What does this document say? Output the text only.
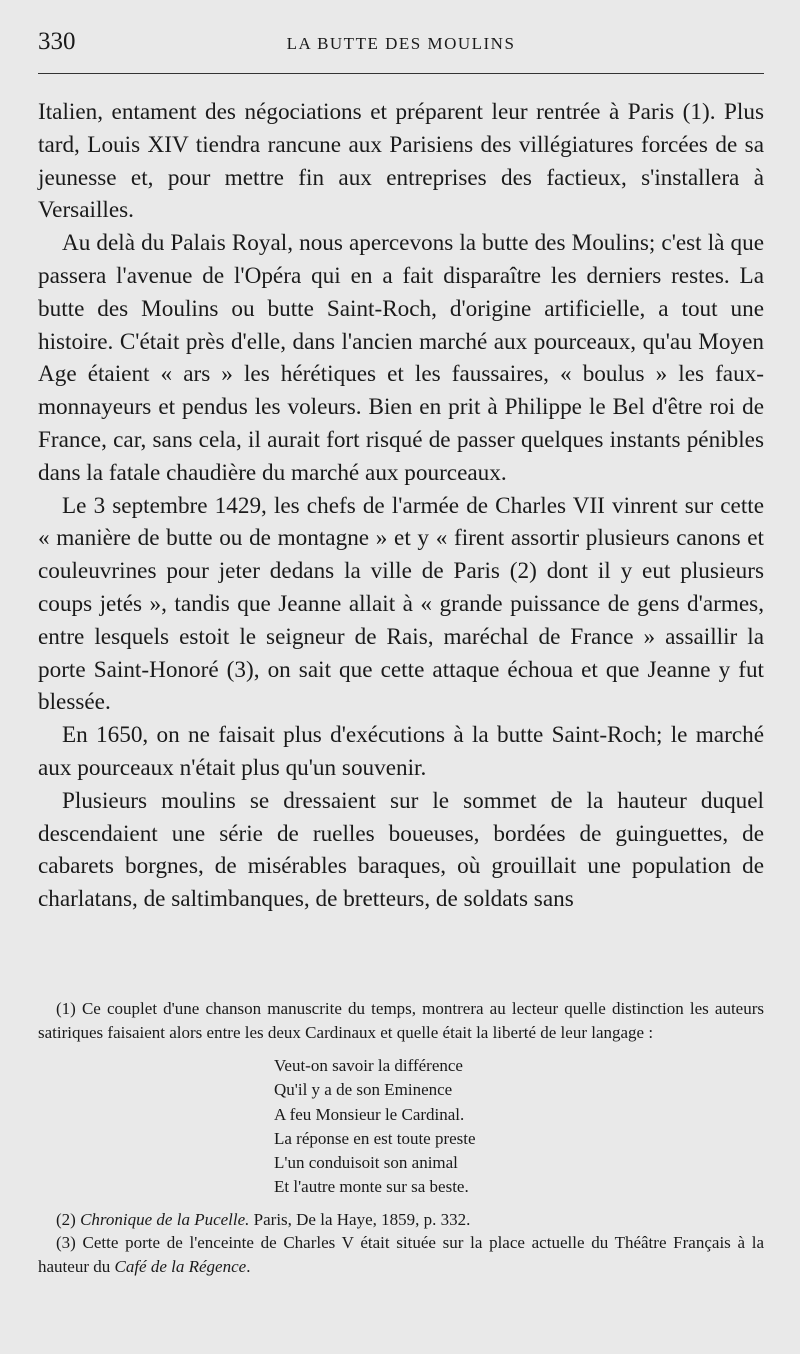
330	LA BUTTE DES MOULINS

Italien, entament des négociations et préparent leur rentrée à Paris (1). Plus tard, Louis XIV tiendra rancune aux Parisiens des villégiatures forcées de sa jeunesse et, pour mettre fin aux entreprises des factieux, s'installera à Versailles.

Au delà du Palais Royal, nous apercevons la butte des Moulins; c'est là que passera l'avenue de l'Opéra qui en a fait disparaître les derniers restes. La butte des Moulins ou butte Saint-Roch, d'origine artificielle, a tout une histoire. C'était près d'elle, dans l'ancien marché aux pourceaux, qu'au Moyen Age étaient « ars » les hérétiques et les faussaires, « boulus » les faux-monnayeurs et pendus les voleurs. Bien en prit à Philippe le Bel d'être roi de France, car, sans cela, il aurait fort risqué de passer quelques instants pénibles dans la fatale chaudière du marché aux pourceaux.

Le 3 septembre 1429, les chefs de l'armée de Charles VII vinrent sur cette « manière de butte ou de montagne » et y « firent assortir plusieurs canons et couleuvrines pour jeter dedans la ville de Paris (2) dont il y eut plusieurs coups jetés », tandis que Jeanne allait à « grande puissance de gens d'armes, entre lesquels estoit le seigneur de Rais, maréchal de France » assaillir la porte Saint-Honoré (3), on sait que cette attaque échoua et que Jeanne y fut blessée.

En 1650, on ne faisait plus d'exécutions à la butte Saint-Roch; le marché aux pourceaux n'était plus qu'un souvenir.

Plusieurs moulins se dressaient sur le sommet de la hauteur duquel descendaient une série de ruelles boueuses, bordées de guinguettes, de cabarets borgnes, de misérables baraques, où grouillait une population de charlatans, de saltimbanques, de bretteurs, de soldats sans

(1) Ce couplet d'une chanson manuscrite du temps, montrera au lecteur quelle distinction les auteurs satiriques faisaient alors entre les deux Cardinaux et quelle était la liberté de leur langage :

Veut-on savoir la différence
Qu'il y a de son Eminence
A feu Monsieur le Cardinal.
La réponse en est toute preste
L'un conduisoit son animal
Et l'autre monte sur sa beste.

(2) Chronique de la Pucelle. Paris, De la Haye, 1859, p. 332.

(3) Cette porte de l'enceinte de Charles V était située sur la place actuelle du Théâtre Français à la hauteur du Café de la Régence.
